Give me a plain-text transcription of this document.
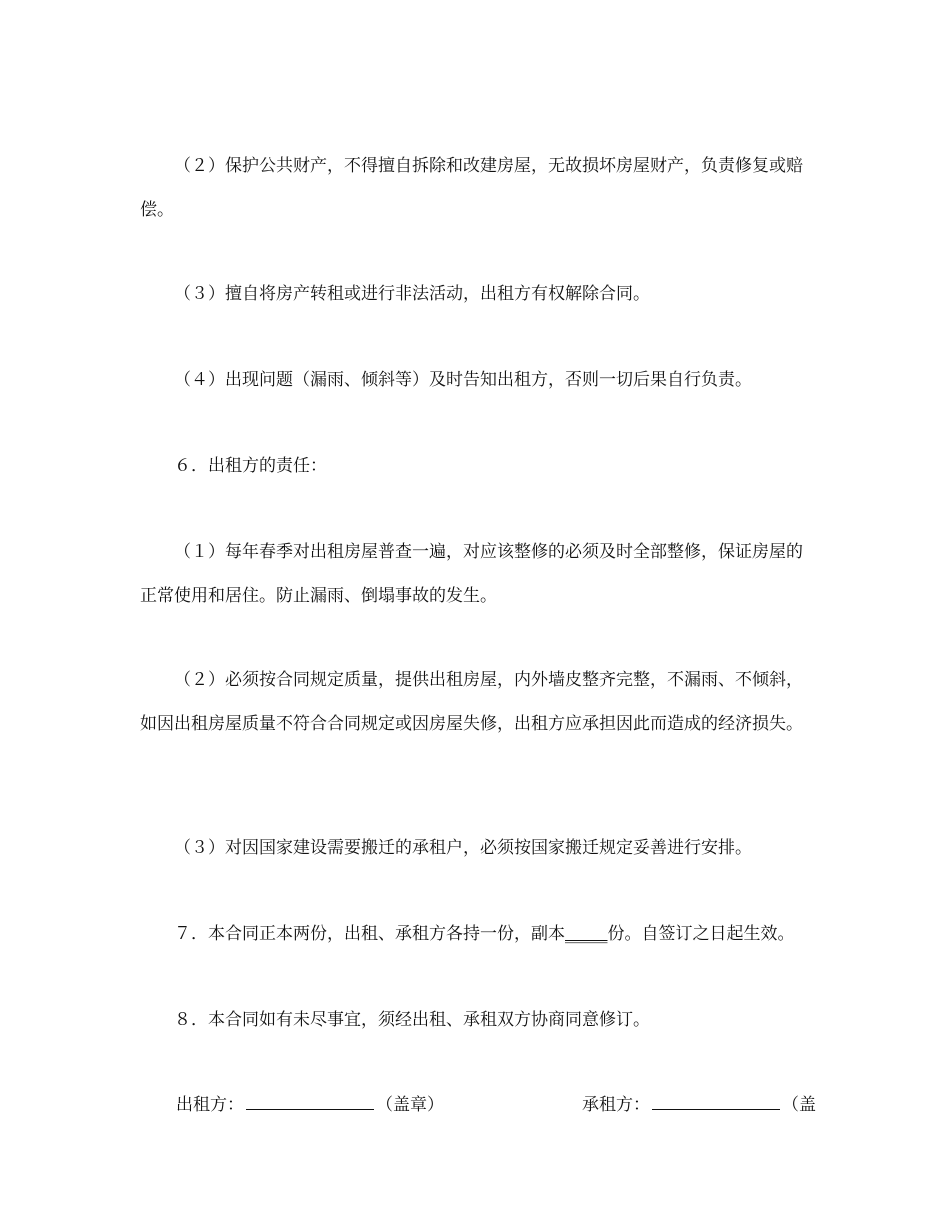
（２）保护公共财产，不得擅自拆除和改建房屋，无故损坏房屋财产，负责修复或赔偿。

（３）擅自将房产转租或进行非法活动，出租方有权解除合同。

（４）出现问题（漏雨、倾斜等）及时告知出租方，否则一切后果自行负责。

６．出租方的责任：

（１）每年春季对出租房屋普查一遍，对应该整修的必须及时全部整修，保证房屋的正常使用和居住。防止漏雨、倒塌事故的发生。

（２）必须按合同规定质量，提供出租房屋，内外墙皮整齐完整，不漏雨、不倾斜，如因出租房屋质量不符合合同规定或因房屋失修，出租方应承担因此而造成的经济损失。

（３）对因国家建设需要搬迁的承租户，必须按国家搬迁规定妥善进行安排。

７．本合同正本两份，出租、承租方各持一份，副本_____份。自签订之日起生效。

８．本合同如有未尽事宜，须经出租、承租双方协商同意修订。

出租方：	（盖章）	承租方：	（盖
